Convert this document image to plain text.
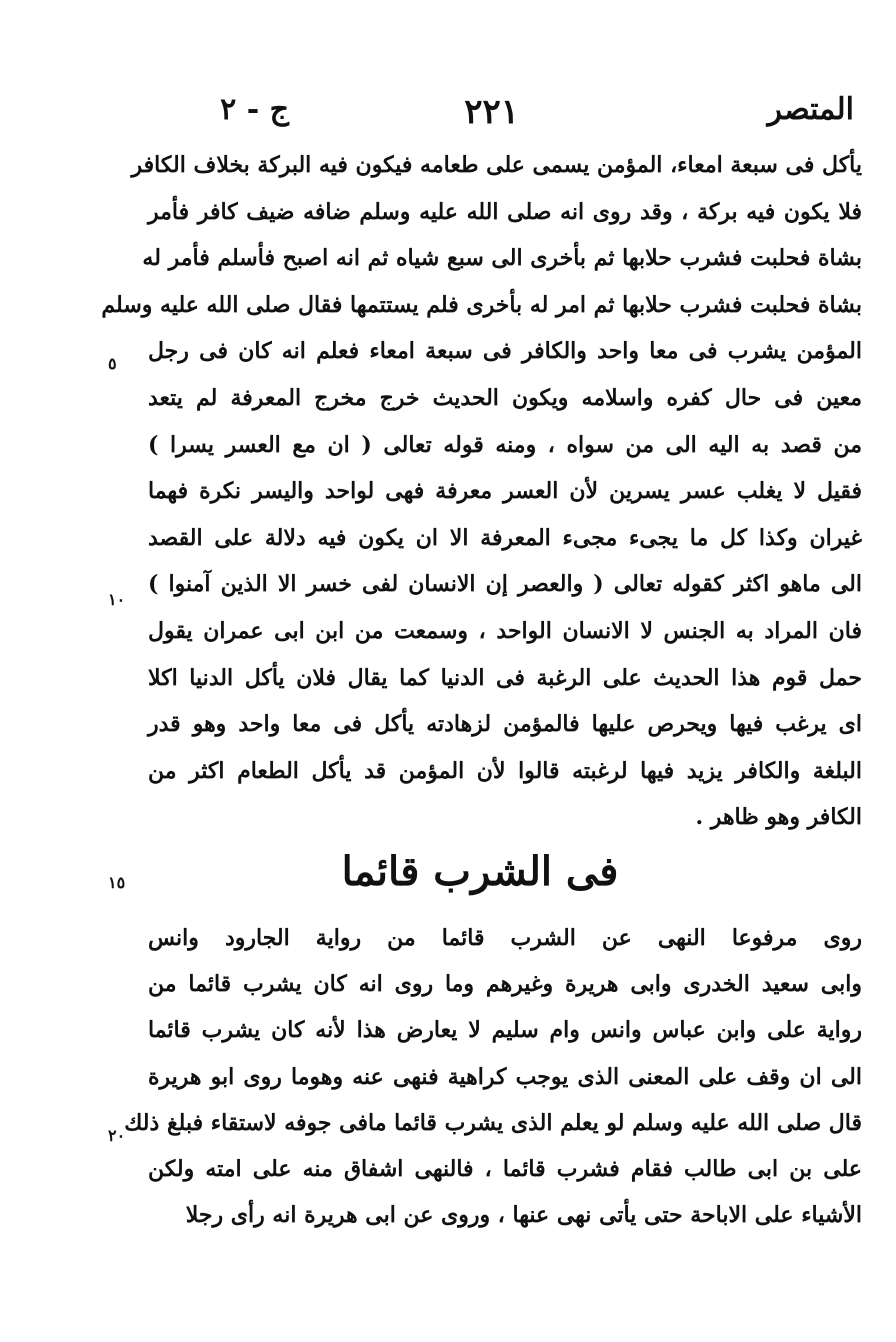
المتصر
٢٢١
ج - ٢
يأكل فى سبعة امعاء، المؤمن يسمى على طعامه فيكون فيه البركة بخلاف الكافر
فلا يكون فيه بركة ، وقد روى انه صلى الله عليه وسلم ضافه ضيف كافر فأمر
بشاة فحلبت فشرب حلابها ثم بأخرى الى سبع شياه ثم انه اصبح فأسلم فأمر له
بشاة فحلبت فشرب حلابها ثم امر له بأخرى فلم يستتمها فقال صلى الله عليه وسلم
المؤمن يشرب فى معا واحد والكافر فى سبعة امعاء فعلم انه كان فى رجل
معين فى حال كفره واسلامه ويكون الحديث خرج مخرج المعرفة لم يتعد
من قصد به اليه الى من سواه ، ومنه قوله تعالى ( ان مع العسر يسرا )
فقيل لا يغلب عسر يسرين لأن العسر معرفة فهى لواحد واليسر نكرة فهما
غيران وكذا كل ما يجىء مجىء المعرفة الا ان يكون فيه دلالة على القصد
الى ماهو اكثر كقوله تعالى ( والعصر إن الانسان لفى خسر الا الذين آمنوا )
فان المراد به الجنس لا الانسان الواحد ، وسمعت من ابن ابى عمران يقول
حمل قوم هذا الحديث على الرغبة فى الدنيا كما يقال فلان يأكل الدنيا اكلا
اى يرغب فيها ويحرص عليها فالمؤمن لزهادته يأكل فى معا واحد وهو قدر
البلغة والكافر يزيد فيها لرغبته قالوا لأن المؤمن قد يأكل الطعام اكثر من
الكافر وهو ظاهر .
فى الشرب قائما
روى مرفوعا النهى عن الشرب قائما من رواية الجارود وانس
وابى سعيد الخدرى وابى هريرة وغيرهم وما روى انه كان يشرب قائما من
رواية على وابن عباس وانس وام سليم لا يعارض هذا لأنه كان يشرب قائما
الى ان وقف على المعنى الذى يوجب كراهية فنهى عنه وهوما روى ابو هريرة
قال صلى الله عليه وسلم لو يعلم الذى يشرب قائما مافى جوفه لاستقاء فبلغ ذلك
على بن ابى طالب فقام فشرب قائما ، فالنهى اشفاق منه على امته ولكن
الأشياء على الاباحة حتى يأتى نهى عنها ، وروى عن ابى هريرة انه رأى رجلا
٥
١٠
١٥
٢٠
